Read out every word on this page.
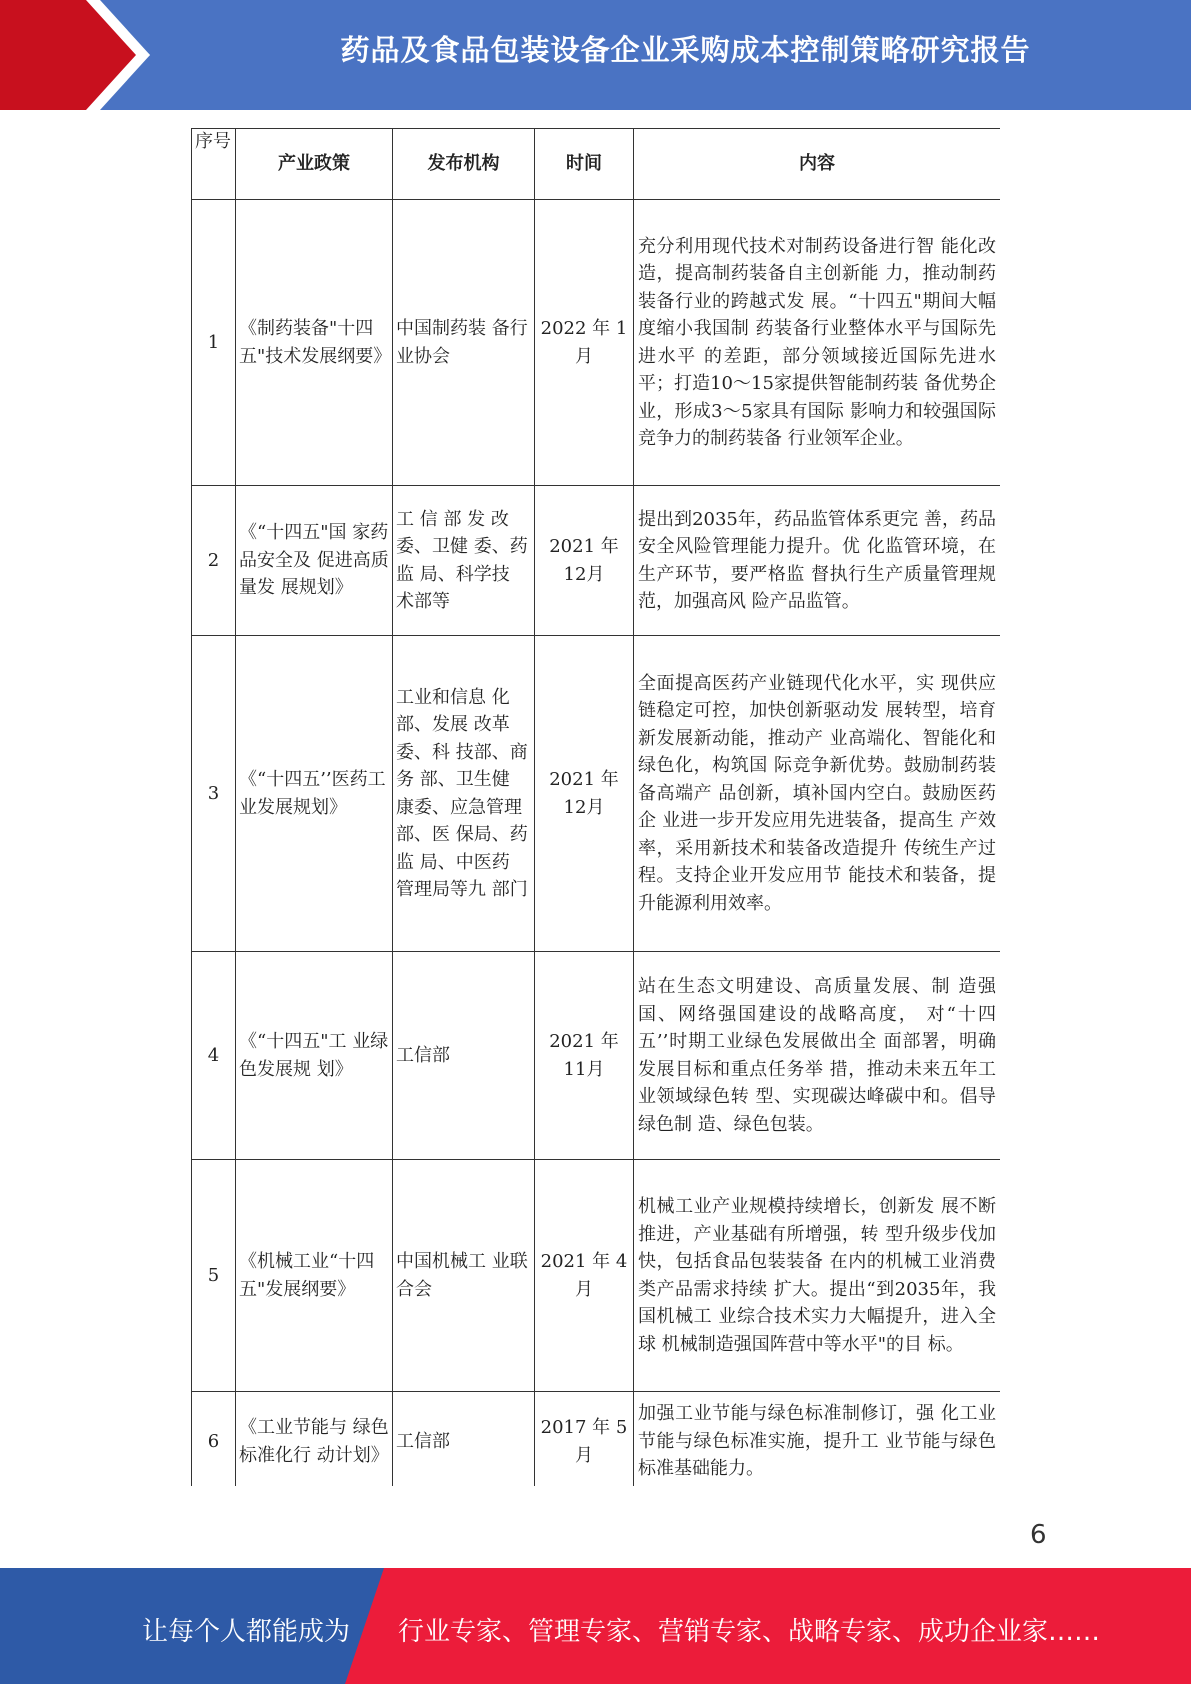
药品及食品包装设备企业采购成本控制策略研究报告
序号	产业政策	发布机构	时间	内容
1	《制药装备"十四五"技术发展纲要》	中国制药装 备行业协会	2022 年 1月	充分利用现代技术对制药设备进行智 能化改造，提高制药装备自主创新能 力，推动制药装备行业的跨越式发 展。“十四五"期间大幅度缩小我国制 药装备行业整体水平与国际先进水平 的差距，部分领域接近国际先进水 平；打造10〜15家提供智能制药装 备优势企业，形成3〜5家具有国际 影响力和较强国际竞争力的制药装备 行业领军企业。
2	《“十四五"国 家药品安全及 促进高质量发 展规划》	工 信 部 发 改委、卫健 委、药监 局、科学技 术部等	2021 年 12月	提出到2035年，药品监管体系更完 善，药品安全风险管理能力提升。优 化监管环境，在生产环节，要严格监 督执行生产质量管理规范，加强高风 险产品监管。
3	《“十四五’’医药工业发展规划》	工业和信息 化部、发展 改革委、科 技部、商务 部、卫生健 康委、应急管理部、医 保局、药监 局、中医药 管理局等九 部门	2021 年 12月	全面提高医药产业链现代化水平，实 现供应链稳定可控，加快创新驱动发 展转型，培育新发展新动能，推动产 业高端化、智能化和绿色化，构筑国 际竞争新优势。鼓励制药装备高端产 品创新，填补国内空白。鼓励医药企 业进一步开发应用先进装备，提高生 产效率，采用新技术和装备改造提升 传统生产过程。支持企业开发应用节 能技术和装备，提升能源利用效率。
4	《“十四五"工 业绿色发展规 划》	工信部	2021 年 11月	站在生态文明建设、高质量发展、制 造强国、网络强国建设的战略高度， 对“十四五’’时期工业绿色发展做出全 面部署，明确发展目标和重点任务举 措，推动未来五年工业领域绿色转 型、实现碳达峰碳中和。倡导绿色制 造、绿色包装。
5	《机械工业“十四五"发展纲要》	中国机械工 业联合会	2021 年 4月	机械工业产业规模持续增长，创新发 展不断推进，产业基础有所增强，转 型升级步伐加快，包括食品包装装备 在内的机械工业消费类产品需求持续 扩大。提出“到2035年，我国机械工 业综合技术实力大幅提升，进入全球 机械制造强国阵营中等水平"的目 标。
6	《工业节能与 绿色标准化行 动计划》	工信部	2017 年 5月	加强工业节能与绿色标准制修订，强 化工业节能与绿色标准实施，提升工 业节能与绿色标准基础能力。
6
让每个人都能成为 行业专家、管理专家、营销专家、战略专家、成功企业家……
